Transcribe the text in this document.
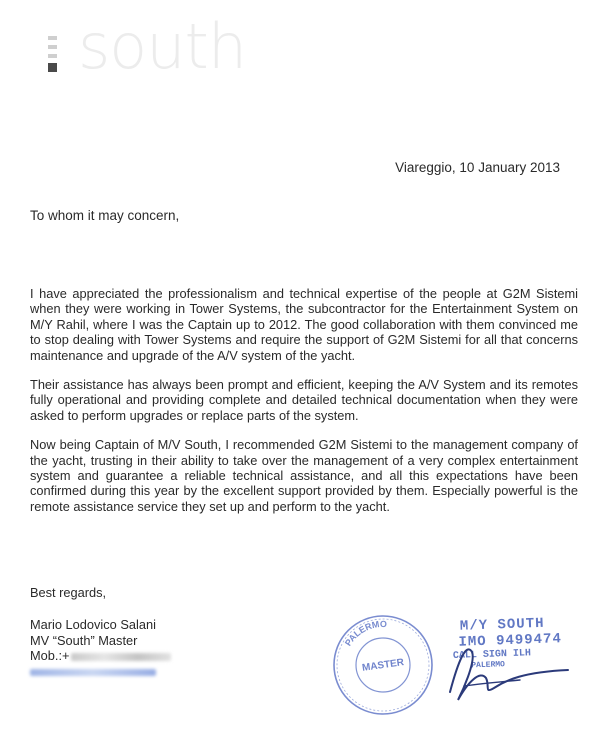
south
Viareggio, 10 January 2013
To whom it may concern,

I have appreciated the professionalism and technical expertise of the people at G2M Sistemi when they were working in Tower Systems, the subcontractor for the Entertainment System on M/Y Rahil, where I was the Captain up to 2012. The good collaboration with them convinced me to stop dealing with Tower Systems and require the support of G2M Sistemi for all that concerns maintenance and upgrade of the A/V system of the yacht.

Their assistance has always been prompt and efficient, keeping the A/V System and its remotes fully operational and providing complete and detailed technical documentation when they were asked to perform upgrades or replace parts of the system.

Now being Captain of M/V South, I recommended G2M Sistemi to the management company of the yacht, trusting in their ability to take over the management of a very complex entertainment system and guarantee a reliable technical assistance, and all this expectations have been confirmed during this year by the excellent support provided by them. Especially powerful is the remote assistance service they set up and perform to the yacht.

Best regards,
Mario Lodovico Salani
MV “South” Master
Mob.:+
PALERMO
MASTER
M/Y SOUTH
IMO 9499474
CALL SIGN ILH
PALERMO
